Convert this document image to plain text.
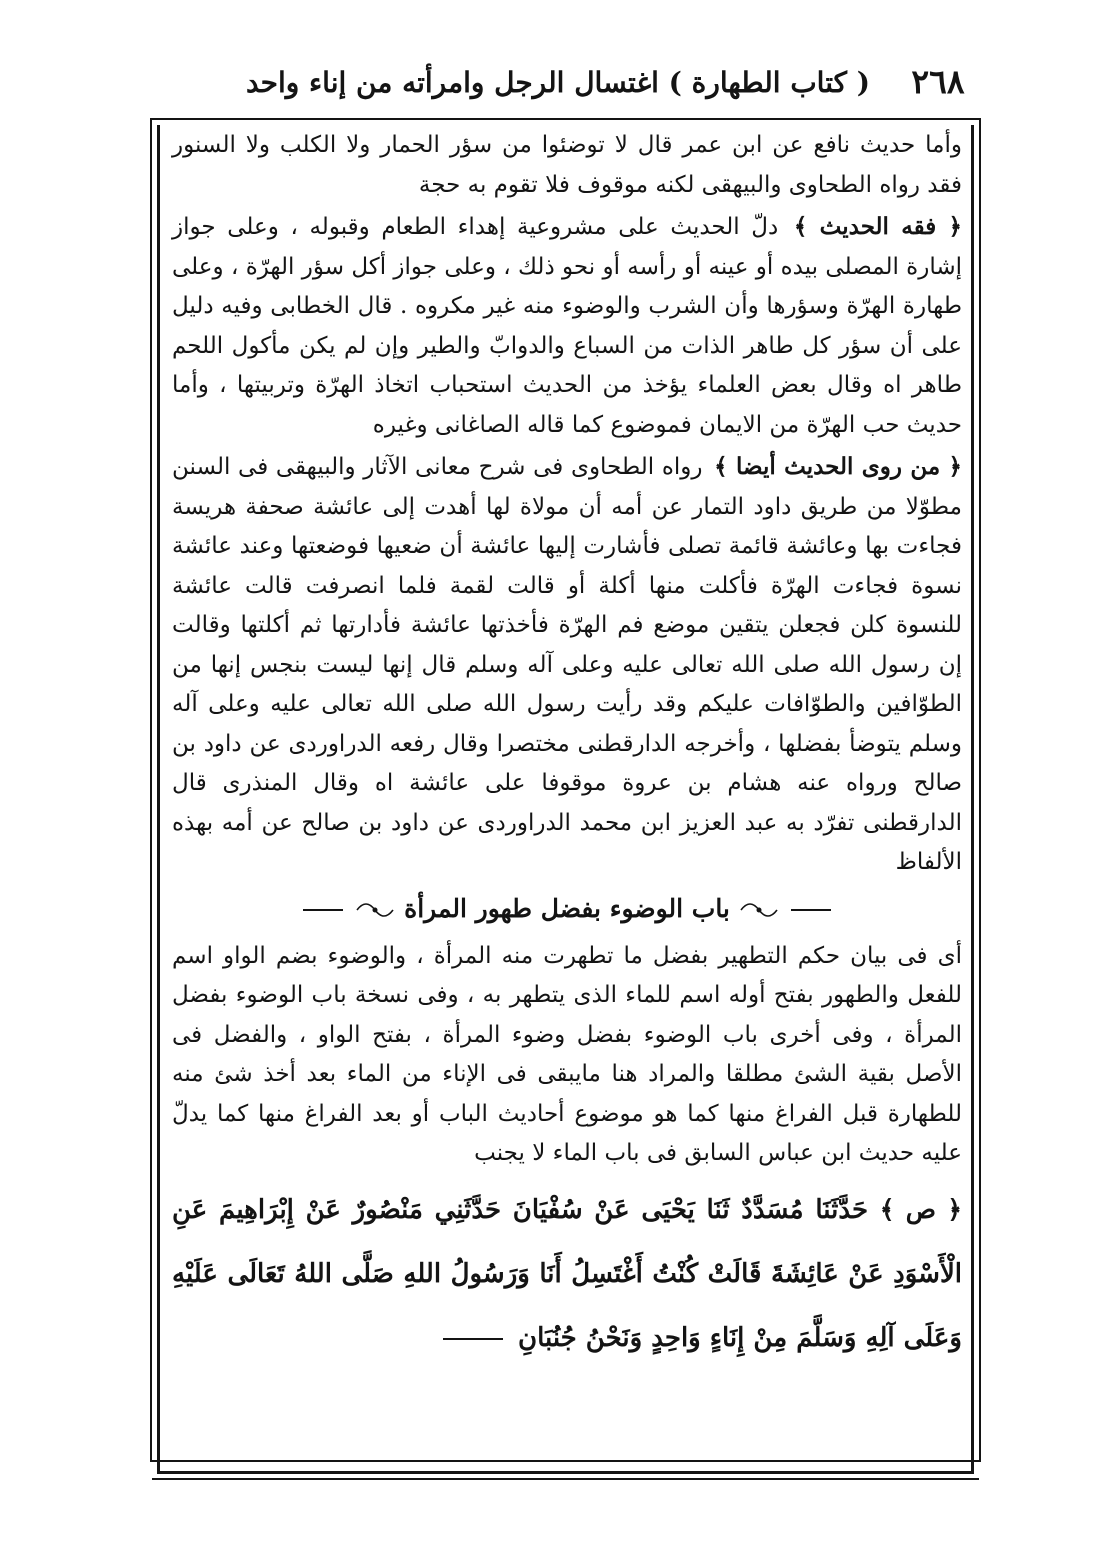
٢٦٨
( كتاب الطهارة ) اغتسال الرجل وامرأته من إناء واحد

وأما حديث نافع عن ابن عمر قال لا توضئوا من سؤر الحمار ولا الكلب ولا السنور فقد رواه الطحاوى والبيهقى لكنه موقوف فلا تقوم به حجة

﴿ فقه الحديث ﴾ دلّ الحديث على مشروعية إهداء الطعام وقبوله ، وعلى جواز إشارة المصلى بيده أو عينه أو رأسه أو نحو ذلك ، وعلى جواز أكل سؤر الهرّة ، وعلى طهارة الهرّة وسؤرها وأن الشرب والوضوء منه غير مكروه . قال الخطابى وفيه دليل على أن سؤر كل طاهر الذات من السباع والدوابّ والطير وإن لم يكن مأكول اللحم طاهر اه وقال بعض العلماء يؤخذ من الحديث استحباب اتخاذ الهرّة وتربيتها ، وأما حديث حب الهرّة من الايمان فموضوع كما قاله الصاغانى وغيره

﴿ من روى الحديث أيضا ﴾ رواه الطحاوى فى شرح معانى الآثار والبيهقى فى السنن مطوّلا من طريق داود التمار عن أمه أن مولاة لها أهدت إلى عائشة صحفة هريسة فجاءت بها وعائشة قائمة تصلى فأشارت إليها عائشة أن ضعيها فوضعتها وعند عائشة نسوة فجاءت الهرّة فأكلت منها أكلة أو قالت لقمة فلما انصرفت قالت عائشة للنسوة كلن فجعلن يتقين موضع فم الهرّة فأخذتها عائشة فأدارتها ثم أكلتها وقالت إن رسول الله صلى الله تعالى عليه وعلى آله وسلم قال إنها ليست بنجس إنها من الطوّافين والطوّافات عليكم وقد رأيت رسول الله صلى الله تعالى عليه وعلى آله وسلم يتوضأ بفضلها ، وأخرجه الدارقطنى مختصرا وقال رفعه الدراوردى عن داود بن صالح ورواه عنه هشام بن عروة موقوفا على عائشة اه وقال المنذرى قال الدارقطنى تفرّد به عبد العزيز ابن محمد الدراوردى عن داود بن صالح عن أمه بهذه الألفاظ

باب الوضوء بفضل طهور المرأة

أى فى بيان حكم التطهير بفضل ما تطهرت منه المرأة ، والوضوء بضم الواو اسم للفعل والطهور بفتح أوله اسم للماء الذى يتطهر به ، وفى نسخة باب الوضوء بفضل المرأة ، وفى أخرى باب الوضوء بفضل وضوء المرأة ، بفتح الواو ، والفضل فى الأصل بقية الشئ مطلقا والمراد هنا مايبقى فى الإناء من الماء بعد أخذ شئ منه للطهارة قبل الفراغ منها كما هو موضوع أحاديث الباب أو بعد الفراغ منها كما يدلّ عليه حديث ابن عباس السابق فى باب الماء لا يجنب

﴿ ص ﴾ حَدَّثَنَا مُسَدَّدٌ ثَنَا يَحْيَى عَنْ سُفْيَانَ حَدَّثَنِي مَنْصُورٌ عَنْ إِبْرَاهِيمَ عَنِ الْأَسْوَدِ عَنْ عَائِشَةَ قَالَتْ كُنْتُ أَغْتَسِلُ أَنَا وَرَسُولُ اللهِ صَلَّى اللهُ تَعَالَى عَلَيْهِ وَعَلَى آلِهِ وَسَلَّمَ مِنْ إِنَاءٍ وَاحِدٍ وَنَحْنُ جُنُبَانِ
